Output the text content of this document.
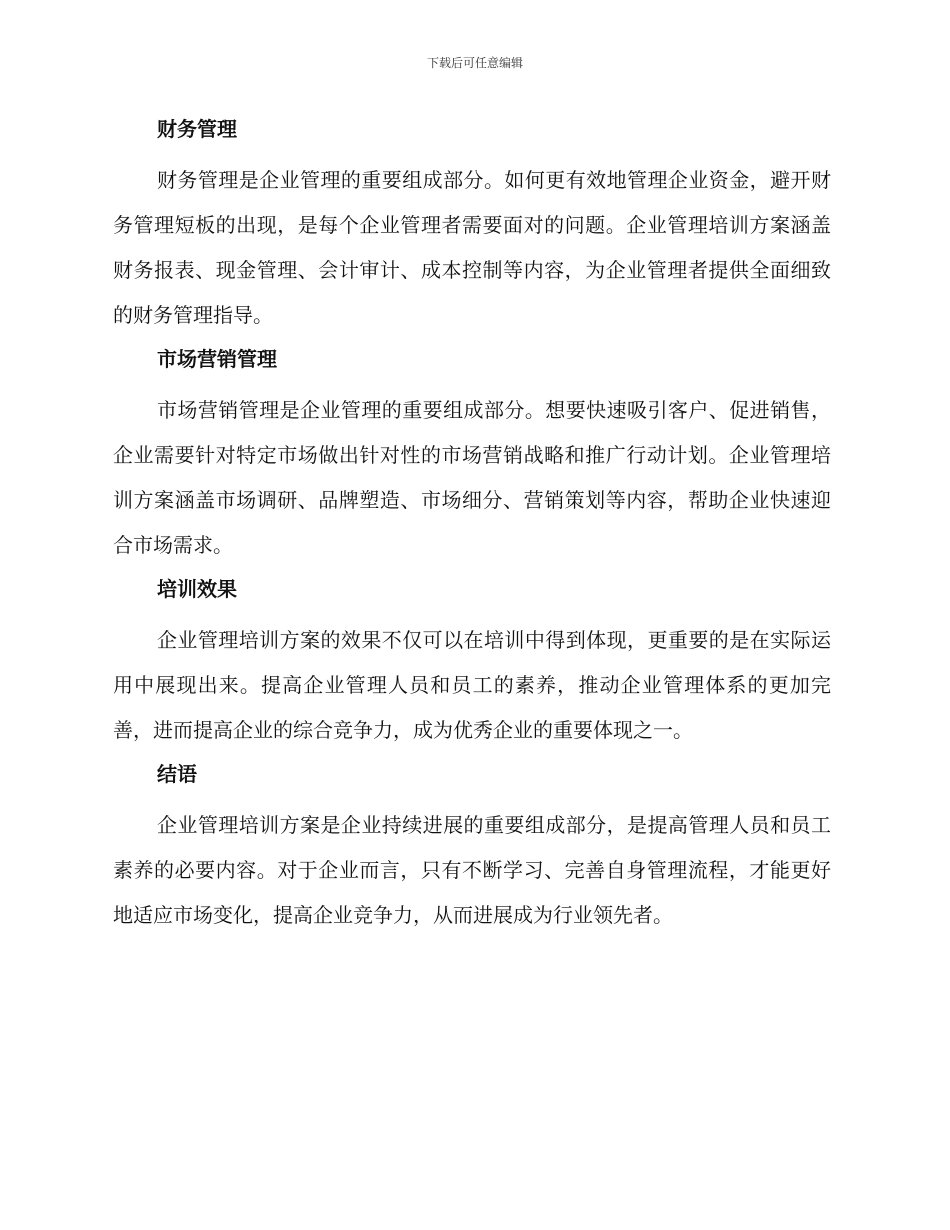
下载后可任意编辑
财务管理

财务管理是企业管理的重要组成部分。如何更有效地管理企业资金，避开财务管理短板的出现，是每个企业管理者需要面对的问题。企业管理培训方案涵盖财务报表、现金管理、会计审计、成本控制等内容，为企业管理者提供全面细致的财务管理指导。

市场营销管理

市场营销管理是企业管理的重要组成部分。想要快速吸引客户、促进销售，企业需要针对特定市场做出针对性的市场营销战略和推广行动计划。企业管理培训方案涵盖市场调研、品牌塑造、市场细分、营销策划等内容，帮助企业快速迎合市场需求。

培训效果

企业管理培训方案的效果不仅可以在培训中得到体现，更重要的是在实际运用中展现出来。提高企业管理人员和员工的素养，推动企业管理体系的更加完善，进而提高企业的综合竞争力，成为优秀企业的重要体现之一。

结语

企业管理培训方案是企业持续进展的重要组成部分，是提高管理人员和员工素养的必要内容。对于企业而言，只有不断学习、完善自身管理流程，才能更好地适应市场变化，提高企业竞争力，从而进展成为行业领先者。
